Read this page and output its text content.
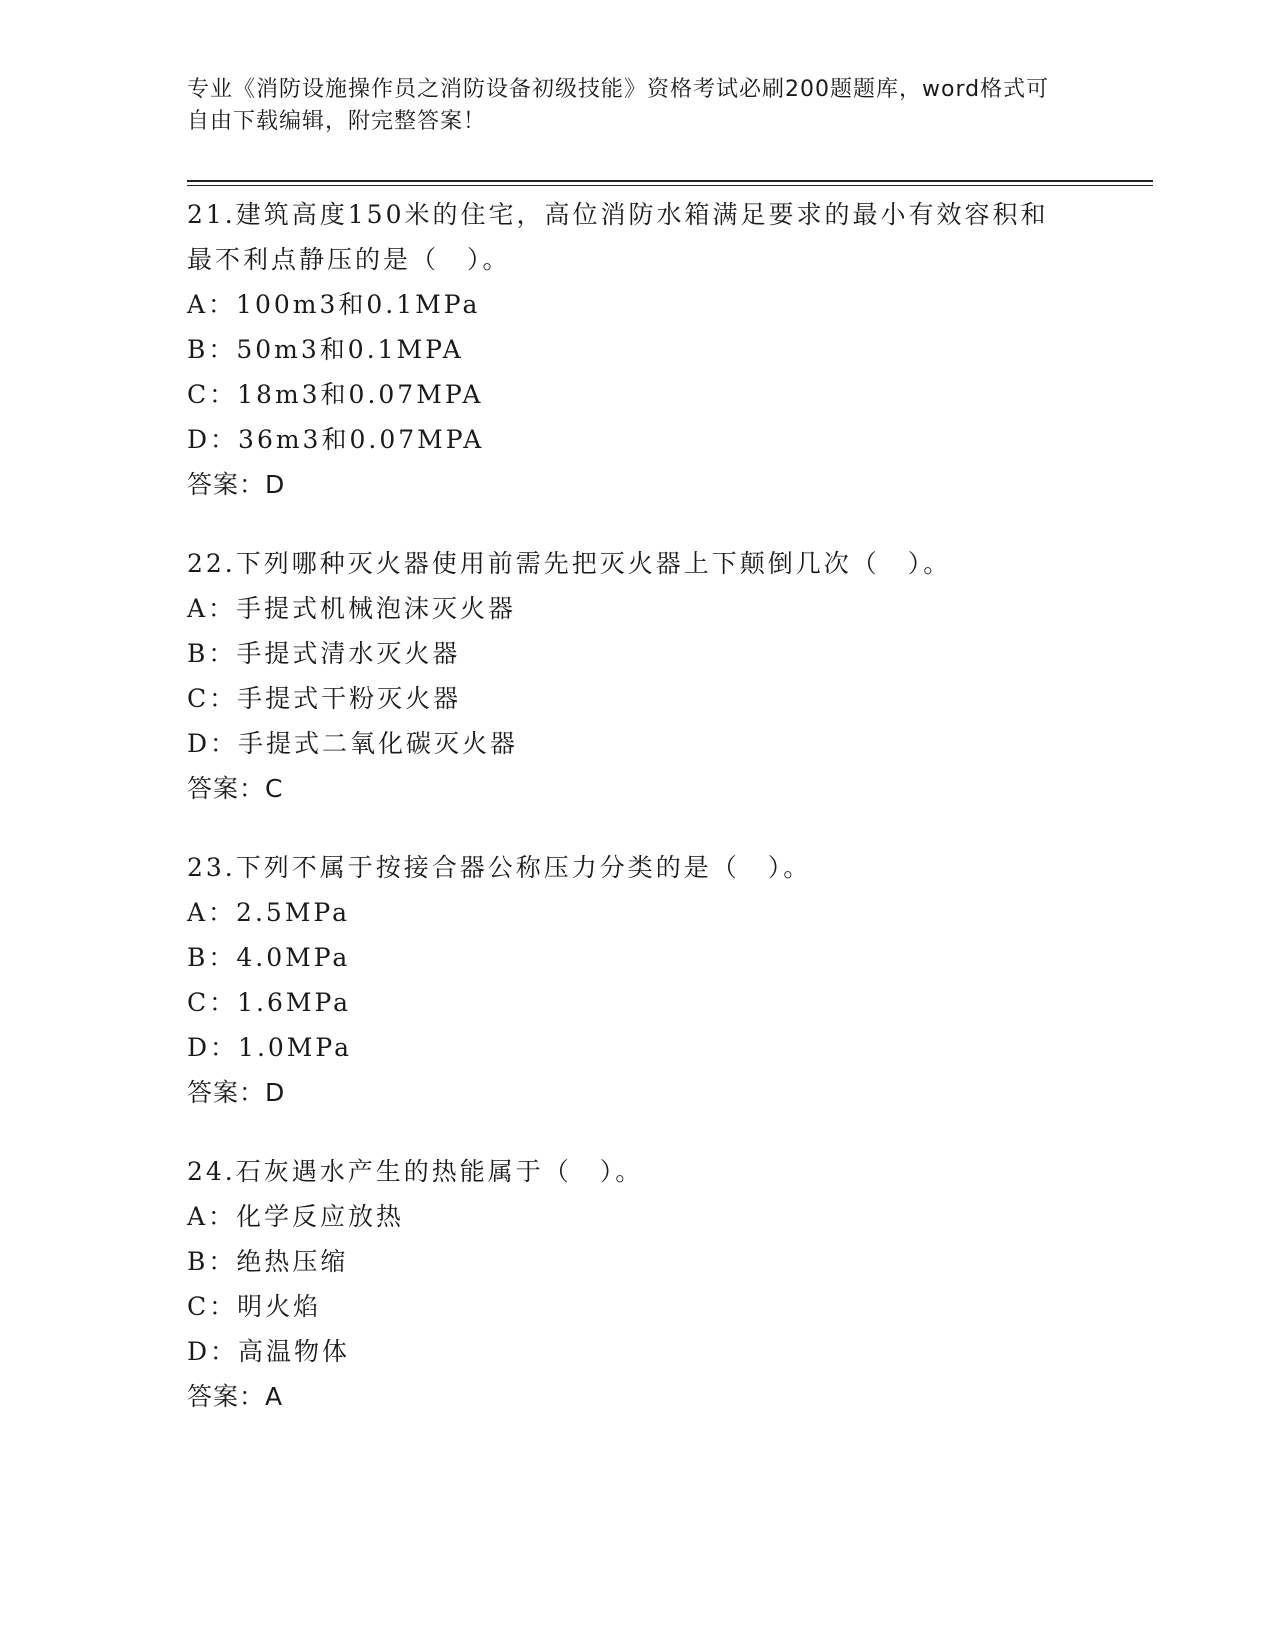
专业《消防设施操作员之消防设备初级技能》资格考试必刷200题题库，word格式可自由下载编辑，附完整答案！

21.建筑高度150米的住宅，高位消防水箱满足要求的最小有效容积和最不利点静压的是（　）。

A：100m3和0.1MPa

B：50m3和0.1MPA

C：18m3和0.07MPA

D：36m3和0.07MPA

答案：D

22.下列哪种灭火器使用前需先把灭火器上下颠倒几次（　）。

A：手提式机械泡沫灭火器

B：手提式清水灭火器

C：手提式干粉灭火器

D：手提式二氧化碳灭火器

答案：C

23.下列不属于按接合器公称压力分类的是（　）。

A：2.5MPa

B：4.0MPa

C：1.6MPa

D：1.0MPa

答案：D

24.石灰遇水产生的热能属于（　）。

A：化学反应放热

B：绝热压缩

C：明火焰

D：高温物体

答案：A
